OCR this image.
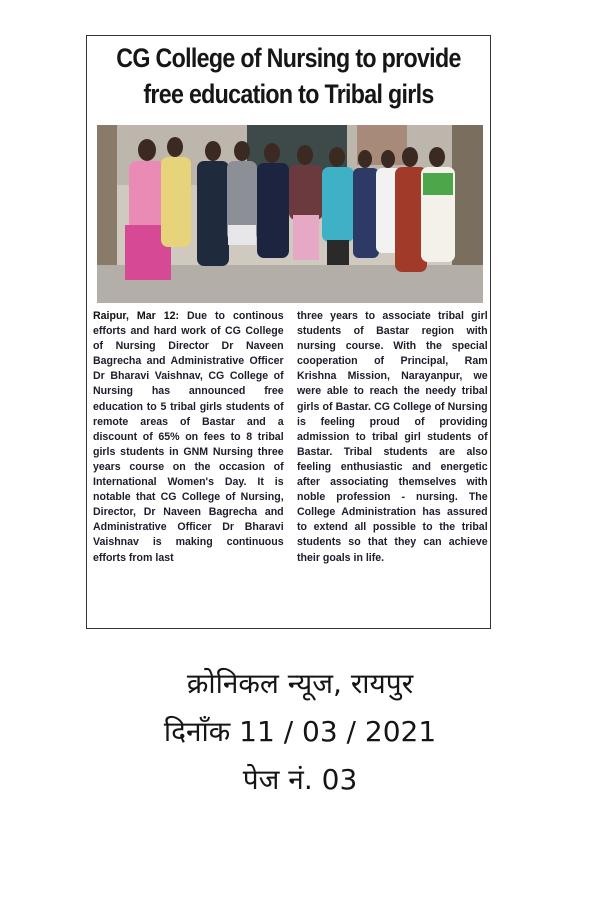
CG College of Nursing to provide
free education to Tribal girls

Raipur, Mar 12: Due to continous efforts and hard work of CG College of Nursing Director Dr Naveen Bagrecha and Administrative Officer Dr Bharavi Vaishnav, CG College of Nursing has announced free education to 5 tribal girls students of remote areas of Bastar and a discount of 65% on fees to 8 tribal girls students in GNM Nursing three years course on the occasion of International Women's Day. It is notable that CG College of Nursing, Director, Dr Naveen Bagrecha and Administrative Officer Dr Bharavi Vaishnav is making continuous efforts from last

three years to associate tribal girl students of Bastar region with nursing course. With the special cooperation of Principal, Ram Krishna Mission, Narayanpur, we were able to reach the needy tribal girls of Bastar. CG College of Nursing is feeling proud of providing admission to tribal girl students of Bastar. Tribal students are also feeling enthusiastic and energetic after associating themselves with noble profession - nursing. The College Administration has assured to extend all possible to the tribal students so that they can achieve their goals in life.

क्रोनिकल न्यूज, रायपुर
दिनाँक 11 / 03 / 2021
पेज नं. 03
